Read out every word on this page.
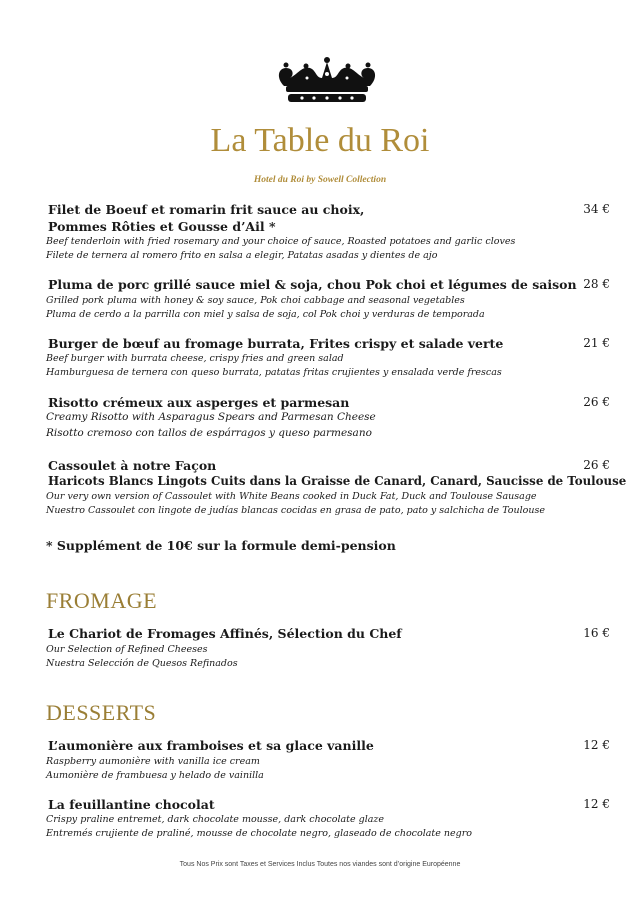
La Table du Roi
Hotel du Roi by Sowell Collection
Filet de Boeuf et romarin frit sauce au choix,
Pommes Rôties et Gousse d’Ail *
Beef tenderloin with fried rosemary and your choice of sauce, Roasted potatoes and garlic cloves
Filete de ternera al romero frito en salsa a elegir, Patatas asadas y dientes de ajo
34 €
Pluma de porc grillé sauce miel & soja, chou Pok choi et légumes de saison
Grilled pork pluma with honey & soy sauce, Pok choi cabbage and seasonal vegetables
Pluma de cerdo a la parrilla con miel y salsa de soja, col Pok choi y verduras de temporada
28 €
Burger de bœuf au fromage burrata, Frites crispy et salade verte
Beef burger with burrata cheese, crispy fries and green salad
Hamburguesa de ternera con queso burrata, patatas fritas crujientes y ensalada verde frescas
21 €
Risotto crémeux aux asperges et parmesan
Creamy Risotto with Asparagus Spears and Parmesan Cheese
Risotto cremoso con tallos de espárragos y queso parmesano
26 €
Cassoulet à notre Façon
Haricots Blancs Lingots Cuits dans la Graisse de Canard, Canard, Saucisse de Toulouse
Our very own version of Cassoulet with White Beans cooked in Duck Fat, Duck and Toulouse Sausage
Nuestro Cassoulet con lingote de judías blancas cocidas en grasa de pato, pato y salchicha de Toulouse
26 €
* Supplément de 10€ sur la formule demi-pension
FROMAGE
Le Chariot de Fromages Affinés, Sélection du Chef
Our Selection of Refined Cheeses
Nuestra Selección de Quesos Refinados
16 €
DESSERTS
L’aumonière aux framboises et sa glace vanille
Raspberry aumonière with vanilla ice cream
Aumonière de frambuesa y helado de vainilla
12 €
La feuillantine chocolat
Crispy praline entremet, dark chocolate mousse, dark chocolate glaze
Entremés crujiente de praliné, mousse de chocolate negro, glaseado de chocolate negro
12 €
Tous Nos Prix sont Taxes et Services Inclus Toutes nos viandes sont d’origine Européenne
